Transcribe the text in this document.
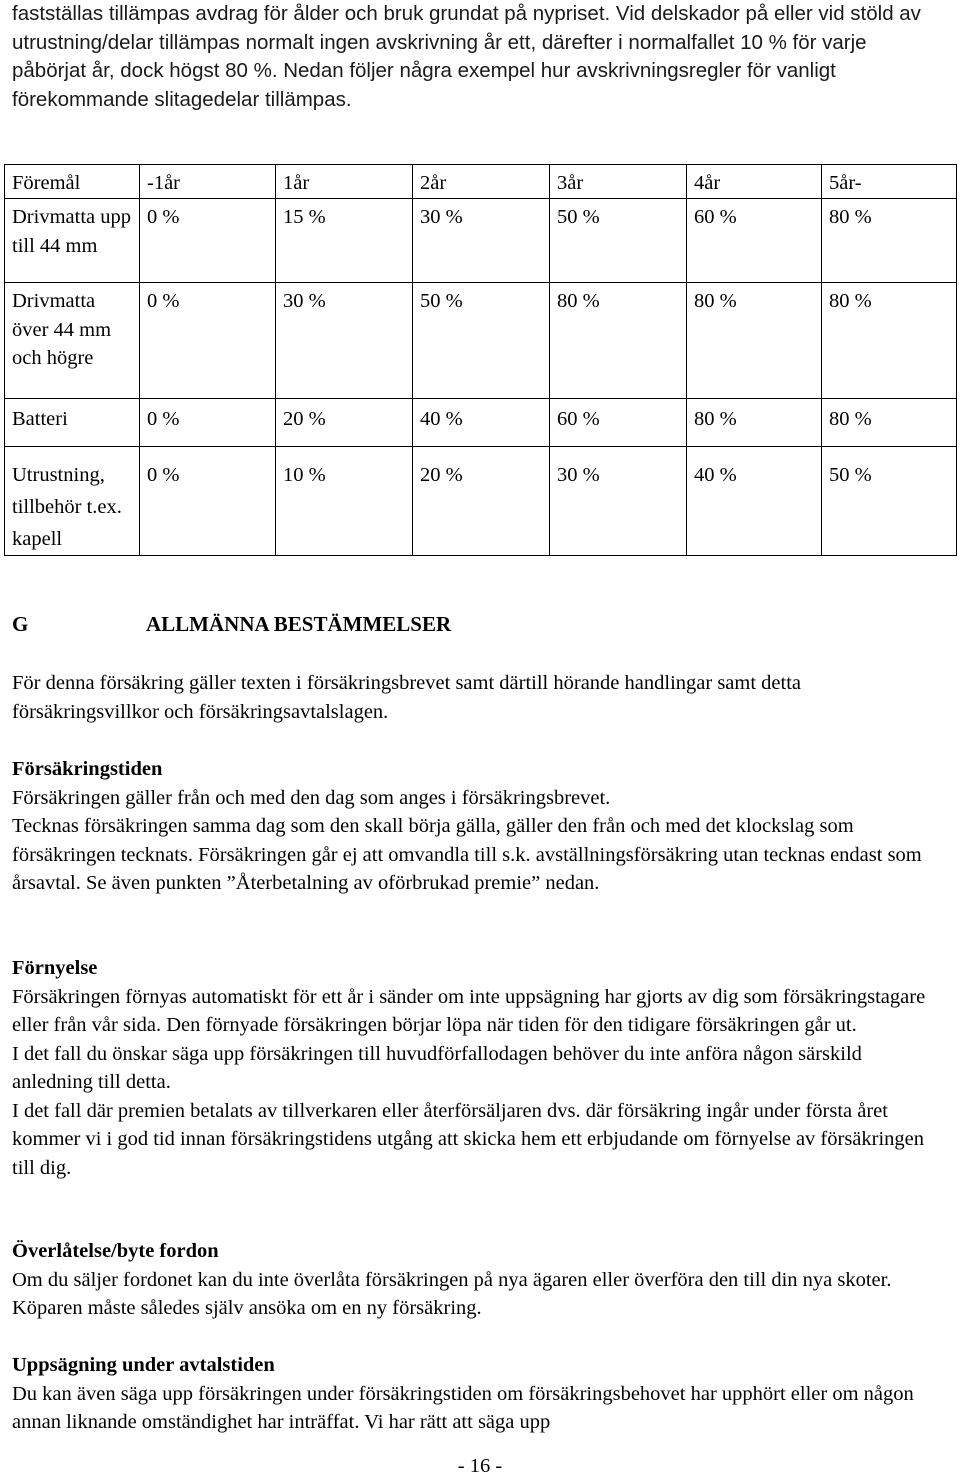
fastställas tillämpas avdrag för ålder och bruk grundat på nypriset. Vid delskador på eller vid stöld av utrustning/delar tillämpas normalt ingen avskrivning år ett, därefter i normalfallet 10 % för varje påbörjat år, dock högst 80 %. Nedan följer några exempel hur avskrivningsregler för vanligt förekommande slitagedelar tillämpas.
Föremål	-1år	1år	2år	3år	4år	5år-
Drivmatta upp till 44 mm	0 %	15 %	30 %	50 %	60 %	80 %
Drivmatta över 44 mm och högre	0 %	30 %	50 %	80 %	80 %	80 %
Batteri	0 %	20 %	40 %	60 %	80 %	80 %
Utrustning, tillbehör t.ex. kapell	0 %	10 %	20 %	30 %	40 %	50 %
G	ALLMÄNNA BESTÄMMELSER

För denna försäkring gäller texten i försäkringsbrevet samt därtill hörande handlingar samt detta försäkringsvillkor och försäkringsavtalslagen.

Försäkringstiden

Försäkringen gäller från och med den dag som anges i försäkringsbrevet.

Tecknas försäkringen samma dag som den skall börja gälla, gäller den från och med det klockslag som försäkringen tecknats. Försäkringen går ej att omvandla till s.k. avställningsförsäkring utan tecknas endast som årsavtal. Se även punkten ”Återbetalning av oförbrukad premie” nedan.

Förnyelse

Försäkringen förnyas automatiskt för ett år i sänder om inte uppsägning har gjorts av dig som försäkringstagare eller från vår sida. Den förnyade försäkringen börjar löpa när tiden för den tidigare försäkringen går ut.

I det fall du önskar säga upp försäkringen till huvudförfallodagen behöver du inte anföra någon särskild anledning till detta.

I det fall där premien betalats av tillverkaren eller återförsäljaren dvs. där försäkring ingår under första året kommer vi i god tid innan försäkringstidens utgång att skicka hem ett erbjudande om förnyelse av försäkringen till dig.

Överlåtelse/byte fordon

Om du säljer fordonet kan du inte överlåta försäkringen på nya ägaren eller överföra den till din nya skoter. Köparen måste således själv ansöka om en ny försäkring.

Uppsägning under avtalstiden

Du kan även säga upp försäkringen under försäkringstiden om försäkringsbehovet har upphört eller om någon annan liknande omständighet har inträffat. Vi har rätt att säga upp

- 16 -
